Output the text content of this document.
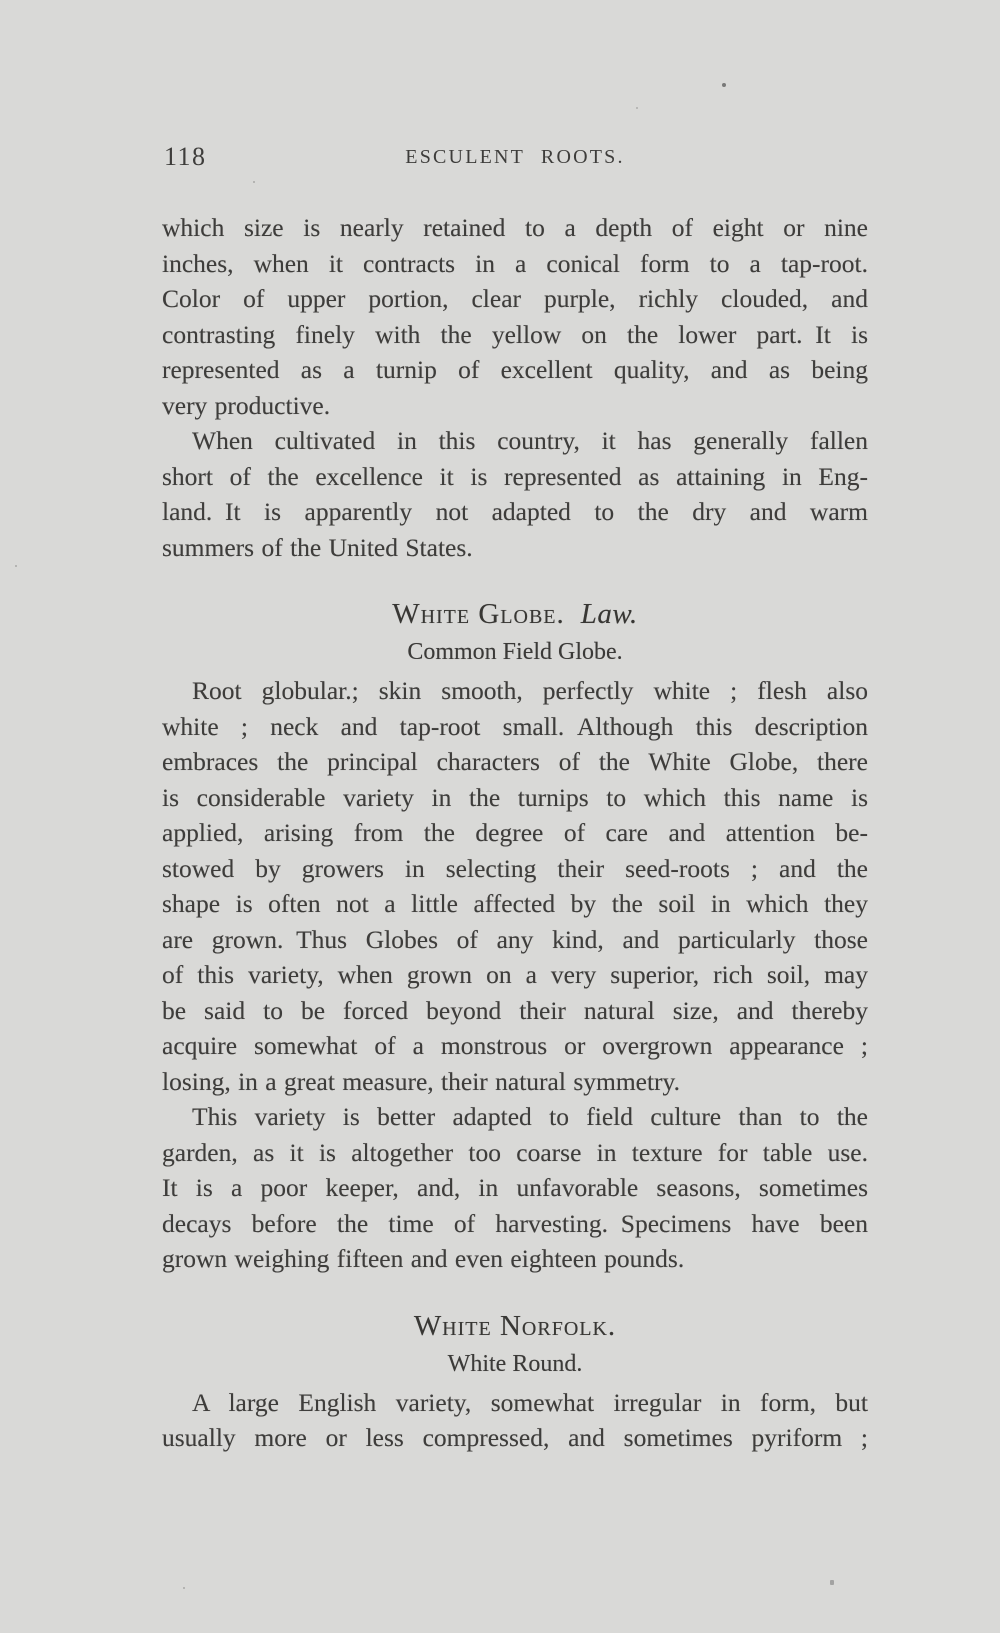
118	ESCULENT ROOTS.
which size is nearly retained to a depth of eight or nine
inches, when it contracts in a conical form to a tap-root.
Color of upper portion, clear purple, richly clouded, and
contrasting finely with the yellow on the lower part. It is
represented as a turnip of excellent quality, and as being
very productive.
When cultivated in this country, it has generally fallen
short of the excellence it is represented as attaining in Eng-
land. It is apparently not adapted to the dry and warm
summers of the United States.
White Globe. Law.
Common Field Globe.
Root globular.; skin smooth, perfectly white ; flesh also
white ; neck and tap-root small. Although this description
embraces the principal characters of the White Globe, there
is considerable variety in the turnips to which this name is
applied, arising from the degree of care and attention be-
stowed by growers in selecting their seed-roots ; and the
shape is often not a little affected by the soil in which they
are grown. Thus Globes of any kind, and particularly those
of this variety, when grown on a very superior, rich soil, may
be said to be forced beyond their natural size, and thereby
acquire somewhat of a monstrous or overgrown appearance ;
losing, in a great measure, their natural symmetry.
This variety is better adapted to field culture than to the
garden, as it is altogether too coarse in texture for table use.
It is a poor keeper, and, in unfavorable seasons, sometimes
decays before the time of harvesting. Specimens have been
grown weighing fifteen and even eighteen pounds.
White Norfolk.
White Round.
A large English variety, somewhat irregular in form, but
usually more or less compressed, and sometimes pyriform ;
